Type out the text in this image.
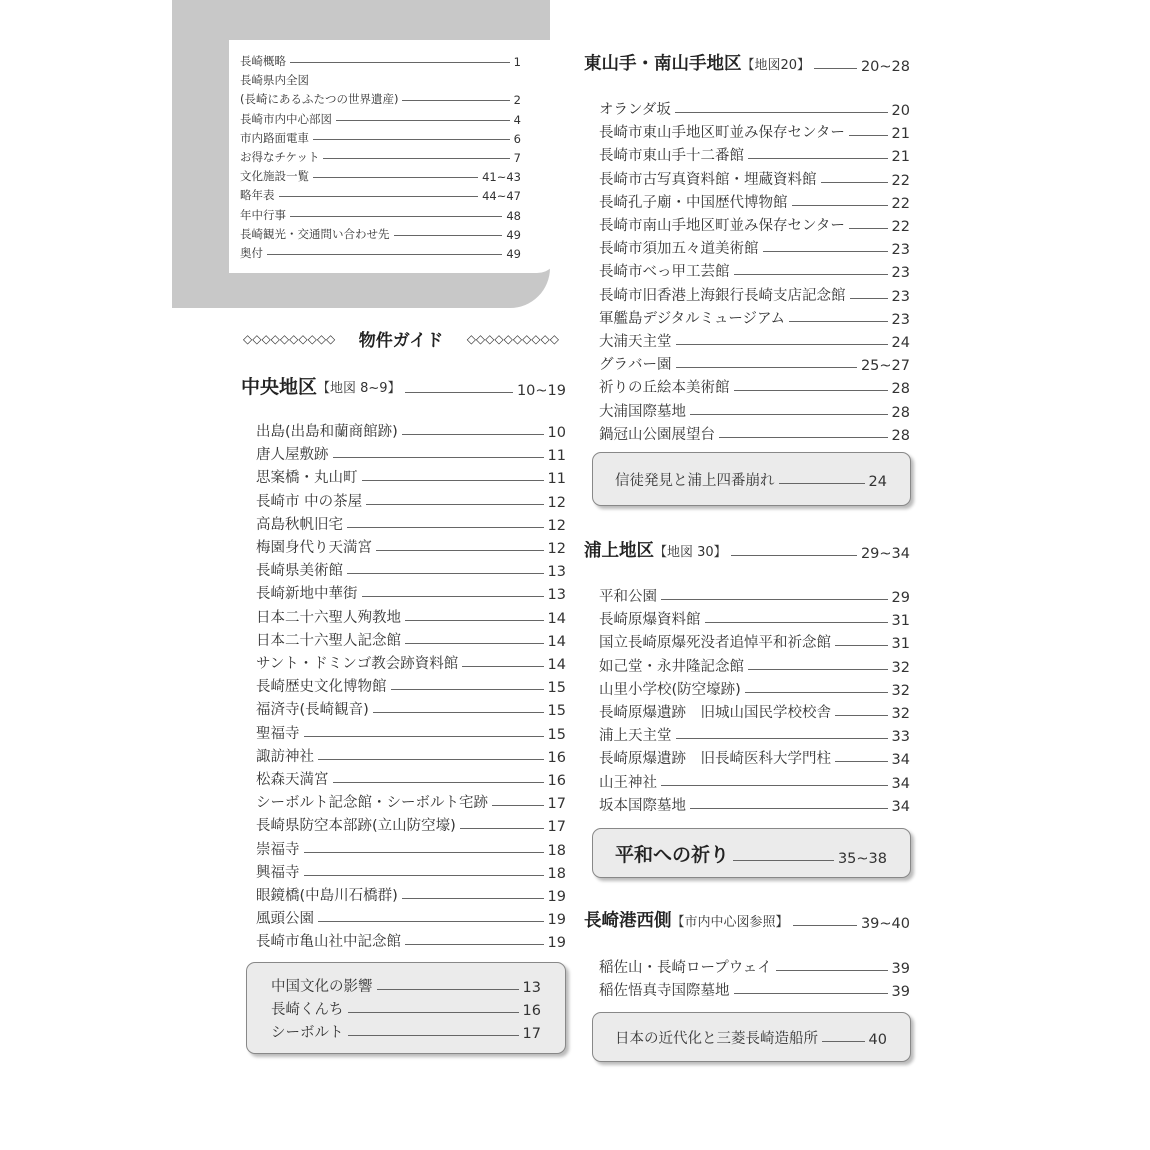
長崎概略	1
長崎県内全図
(長崎にあるふたつの世界遺産)	2
長崎市内中心部図	4
市内路面電車	6
お得なチケット	7
文化施設一覧	41~43
略年表	44~47
年中行事	48
長崎観光・交通問い合わせ先	49
奥付	49
◇◇◇◇◇◇◇◇◇◇ 物件ガイド ◇◇◇◇◇◇◇◇◇◇
中央地区 【地図 8~9】	10~19
出島(出島和蘭商館跡)	10
唐人屋敷跡	11
思案橋・丸山町	11
長崎市 中の茶屋	12
高島秋帆旧宅	12
梅園身代り天満宮	12
長崎県美術館	13
長崎新地中華街	13
日本二十六聖人殉教地	14
日本二十六聖人記念館	14
サント・ドミンゴ教会跡資料館	14
長崎歴史文化博物館	15
福済寺(長崎観音)	15
聖福寺	15
諏訪神社	16
松森天満宮	16
シーボルト記念館・シーボルト宅跡	17
長崎県防空本部跡(立山防空壕)	17
崇福寺	18
興福寺	18
眼鏡橋(中島川石橋群)	19
風頭公園	19
長崎市亀山社中記念館	19
中国文化の影響	13
長崎くんち	16
シーボルト	17
東山手・南山手地区 【地図20】	20~28
オランダ坂	20
長崎市東山手地区町並み保存センター	21
長崎市東山手十二番館	21
長崎市古写真資料館・埋蔵資料館	22
長崎孔子廟・中国歴代博物館	22
長崎市南山手地区町並み保存センター	22
長崎市須加五々道美術館	23
長崎市べっ甲工芸館	23
長崎市旧香港上海銀行長崎支店記念館	23
軍艦島デジタルミュージアム	23
大浦天主堂	24
グラバー園	25~27
祈りの丘絵本美術館	28
大浦国際墓地	28
鍋冠山公園展望台	28
信徒発見と浦上四番崩れ	24
浦上地区 【地図 30】	29~34
平和公園	29
長崎原爆資料館	31
国立長崎原爆死没者追悼平和祈念館	31
如己堂・永井隆記念館	32
山里小学校(防空壕跡)	32
長崎原爆遺跡　旧城山国民学校校舎	32
浦上天主堂	33
長崎原爆遺跡　旧長崎医科大学門柱	34
山王神社	34
坂本国際墓地	34
平和への祈り	35~38
長崎港西側 【市内中心図参照】	39~40
稲佐山・長崎ロープウェイ	39
稲佐悟真寺国際墓地	39
日本の近代化と三菱長崎造船所	40
